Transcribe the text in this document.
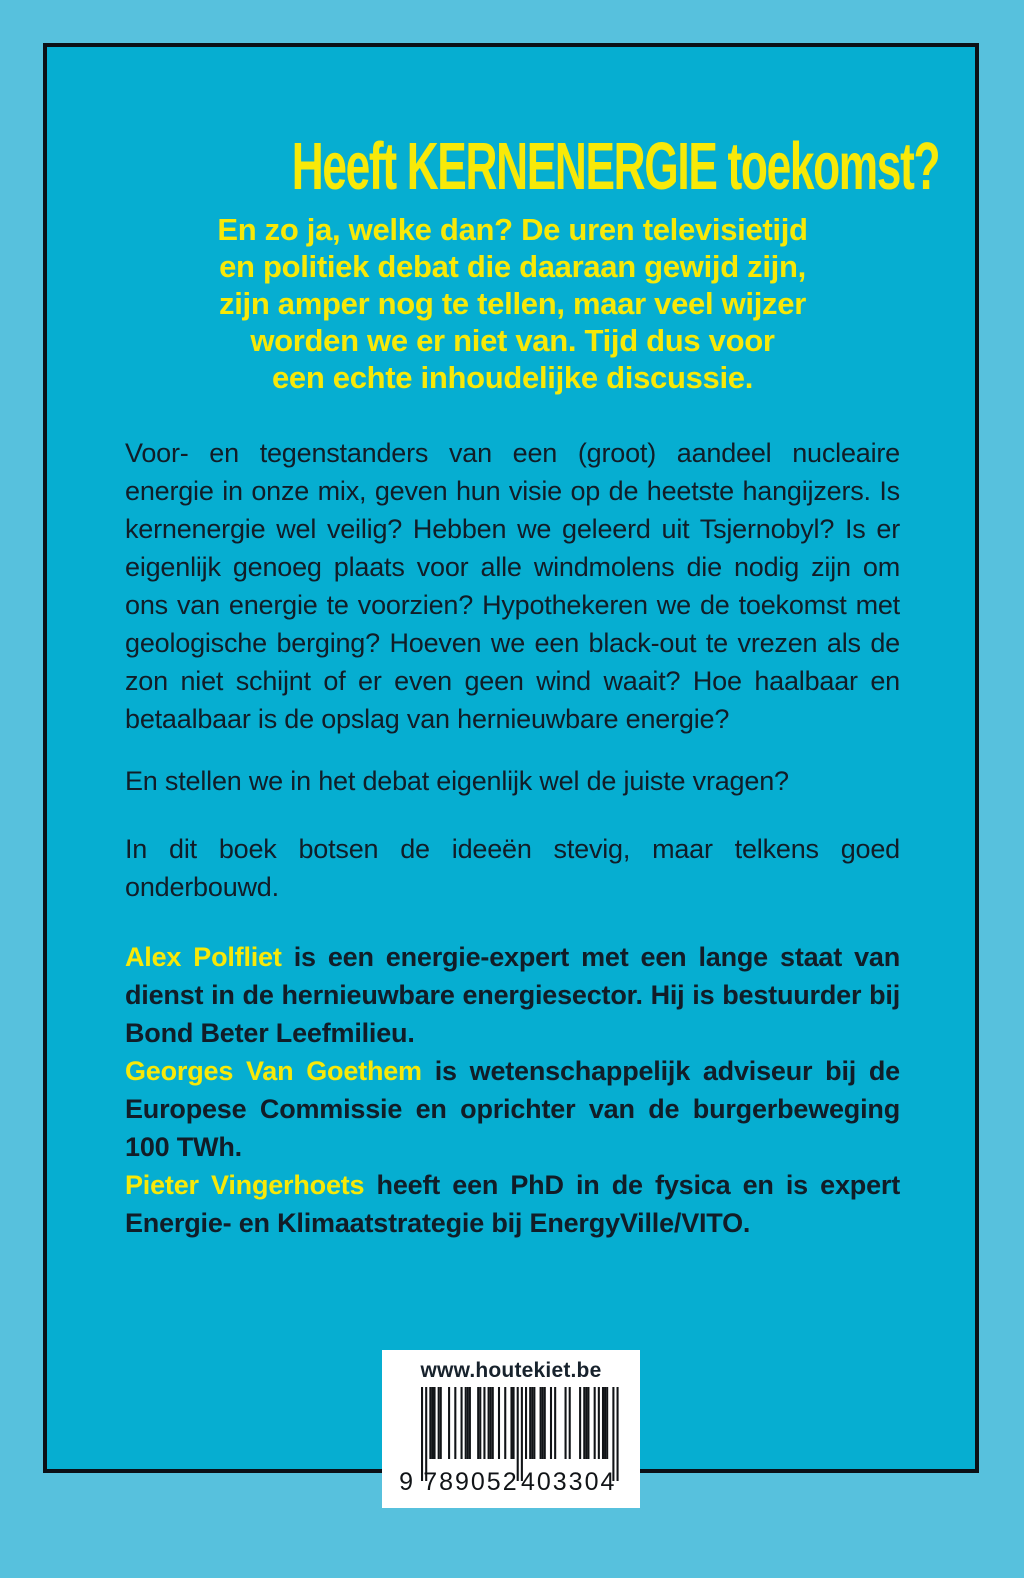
Heeft KERNENERGIE toekomst?
En zo ja, welke dan? De uren televisietijd
en politiek debat die daaraan gewijd zijn,
zijn amper nog te tellen, maar veel wijzer
worden we er niet van. Tijd dus voor
een echte inhoudelijke discussie.

Voor- en tegenstanders van een (groot) aandeel nucleaire energie in onze mix, geven hun visie op de heetste hangijzers. Is kernenergie wel veilig? Hebben we geleerd uit Tsjernobyl? Is er eigenlijk genoeg plaats voor alle windmolens die nodig zijn om ons van energie te voorzien? Hypothekeren we de toekomst met geologische berging? Hoeven we een black-out te vrezen als de zon niet schijnt of er even geen wind waait? Hoe haalbaar en betaalbaar is de opslag van hernieuwbare energie?

En stellen we in het debat eigenlijk wel de juiste vragen?

In dit boek botsen de ideeën stevig, maar telkens goed onderbouwd.

Alex Polfliet is een energie-expert met een lange staat van dienst in de hernieuwbare energiesector. Hij is bestuurder bij Bond Beter Leefmilieu.

Georges Van Goethem is wetenschappelijk adviseur bij de Europese Commissie en oprichter van de burgerbeweging 100 TWh.

Pieter Vingerhoets heeft een PhD in de fysica en is expert Energie- en Klimaatstrategie bij EnergyVille/VITO.

www.houtekiet.be
9 789052 403304
